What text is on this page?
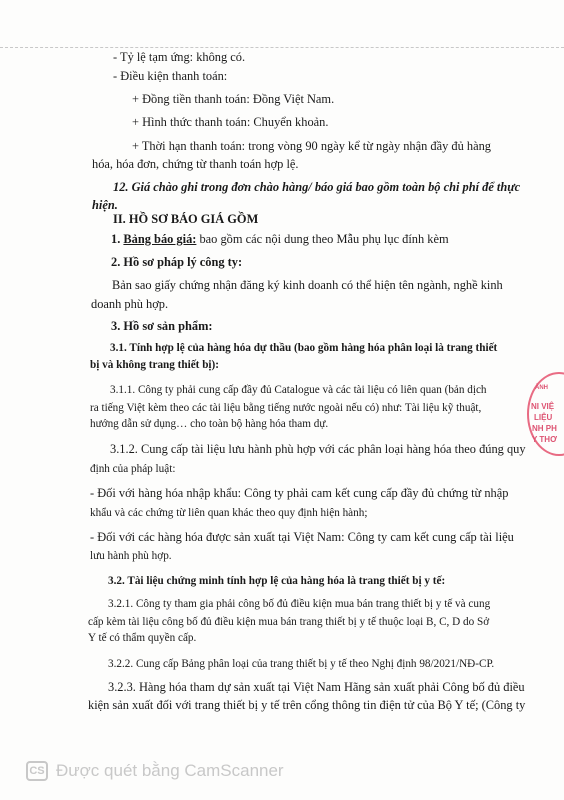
- Tỷ lệ tạm ứng: không có.
- Điều kiện thanh toán:
+ Đồng tiền thanh toán: Đồng Việt Nam.
+ Hình thức thanh toán: Chuyển khoản.
+ Thời hạn thanh toán: trong vòng 90 ngày kể từ ngày nhận đầy đủ hàng
hóa, hóa đơn, chứng từ thanh toán hợp lệ.
12. Giá chào ghi trong đơn chào hàng/ báo giá bao gồm toàn bộ chi phí để thực
hiện.
II. HỒ SƠ BÁO GIÁ GỒM
1. Bảng báo giá: bao gồm các nội dung theo Mẫu phụ lục đính kèm
2. Hồ sơ pháp lý công ty:
Bản sao giấy chứng nhận đăng ký kinh doanh có thể hiện tên ngành, nghề kinh
doanh phù hợp.
3. Hồ sơ sản phẩm:
3.1. Tính hợp lệ của hàng hóa dự thầu (bao gồm hàng hóa phân loại là trang thiết
bị và không trang thiết bị):
3.1.1. Công ty phải cung cấp đầy đủ Catalogue và các tài liệu có liên quan (bản dịch
ra tiếng Việt kèm theo các tài liệu bằng tiếng nước ngoài nếu có) như: Tài liệu kỹ thuật,
hướng dẫn sử dụng… cho toàn bộ hàng hóa tham dự.
3.1.2. Cung cấp tài liệu lưu hành phù hợp với các phân loại hàng hóa theo đúng quy
định của pháp luật:
- Đối với hàng hóa nhập khẩu: Công ty phải cam kết cung cấp đầy đủ chứng từ nhập
khẩu và các chứng từ liên quan khác theo quy định hiện hành;
- Đối với các hàng hóa được sản xuất tại Việt Nam: Công ty cam kết cung cấp tài liệu
lưu hành phù hợp.
3.2. Tài liệu chứng minh tính hợp lệ của hàng hóa là trang thiết bị y tế:
3.2.1. Công ty tham gia phải công bố đủ điều kiện mua bán trang thiết bị y tế và cung
cấp kèm tài liệu công bố đủ điều kiện mua bán trang thiết bị y tế thuộc loại B, C, D do Sở
Y tế có thẩm quyền cấp.
3.2.2. Cung cấp Bảng phân loại của trang thiết bị y tế theo Nghị định 98/2021/NĐ-CP.
3.2.3. Hàng hóa tham dự sản xuất tại Việt Nam Hãng sản xuất phải Công bố đủ điều
kiện sản xuất đối với trang thiết bị y tế trên cổng thông tin điện tử của Bộ Y tế; (Công ty
ÀNH
NI VIỆ
LIỆU
NH PH
Y THƠ
CS Được quét bằng CamScanner
